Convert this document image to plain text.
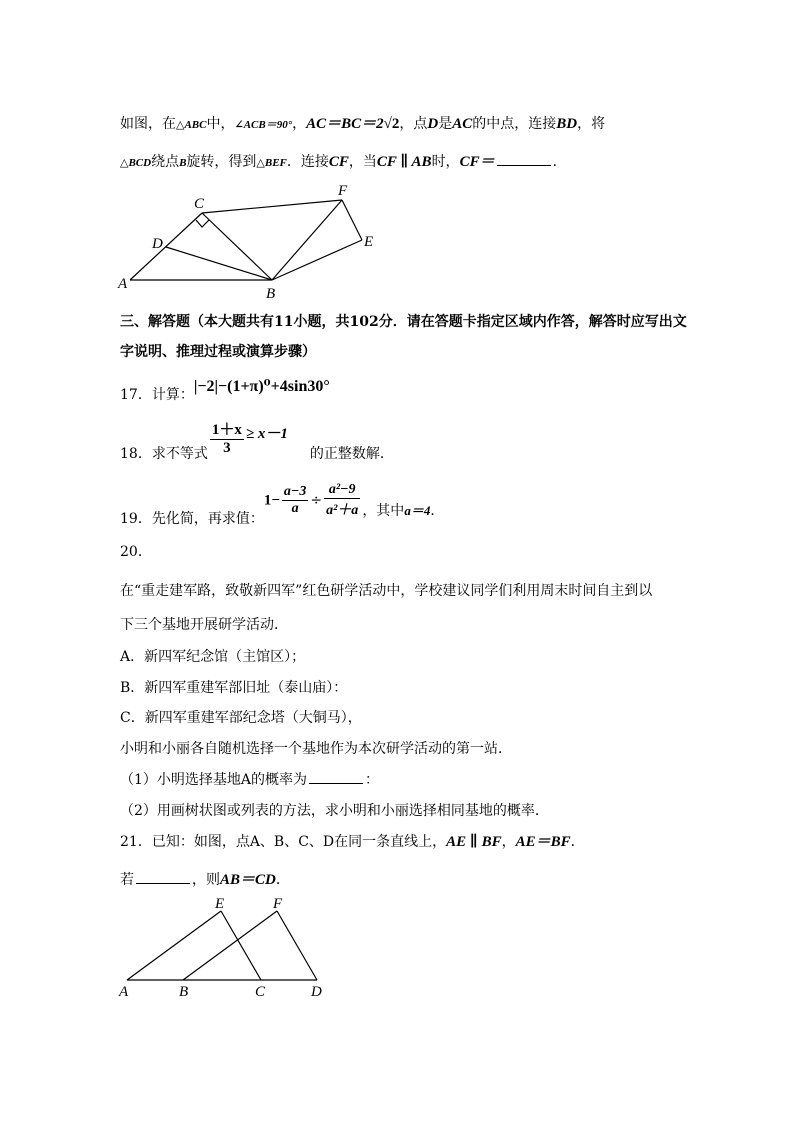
如图，在△ABC中，∠ACB＝90°，AC＝BC＝2√2，点D是AC的中点，连接BD，将
△BCD绕点B旋转，得到△BEF．连接CF，当CF ∥ AB时，CF＝	．
A
B
C
D	E
F
三、解答题（本大题共有11小题，共102分．请在答题卡指定区域内作答，解答时应写出文
字说明、推理过程或演算步骤）
17．计算：|−2|−(1+π)⁰+4sin30°
18．求不等式 $\frac{1+x}{3} \ge x-1$的正整数解．
19．先化简，再求值：$1- \frac{a-3}{a} \div \frac{\text{a²−9}}{\text{a²＋a}}$ ，其中a＝4．
20．
在“重走建军路，致敬新四军”红色研学活动中，学校建议同学们利用周末时间自主到以
下三个基地开展研学活动．
A．新四军纪念馆（主馆区）；
B．新四军重建军部旧址（泰山庙）：
C．新四军重建军部纪念塔（大铜马），
小明和小丽各自随机选择一个基地作为本次研学活动的第一站．
（1）小明选择基地A的概率为	：
（2）用画树状图或列表的方法，求小明和小丽选择相同基地的概率．
21．已知：如图，点A、B、C、D在同一条直线上，AE ∥ BF，AE＝BF．
若	，则AB＝CD．
A	B	C	D
E	F
